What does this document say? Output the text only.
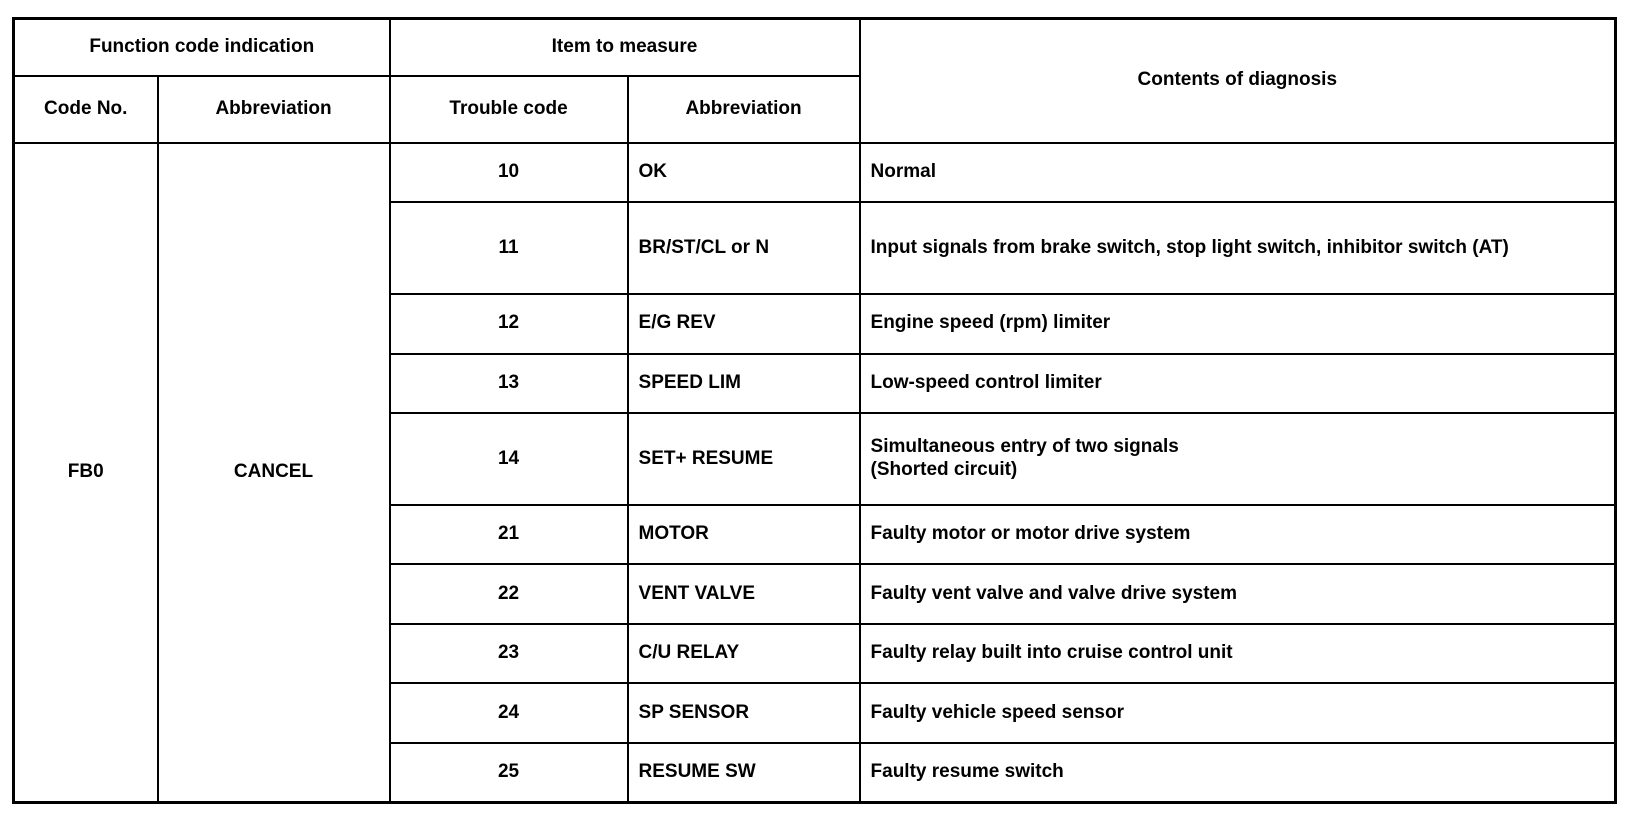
Function code indication		Item to measure		Contents of diagnosis
Code No.	Abbreviation	Trouble code	Abbreviation	
FB0	CANCEL	10	OK	Normal
		11	BR/ST/CL or N	Input signals from brake switch, stop light switch, inhibitor switch (AT)
		12	E/G REV	Engine speed (rpm) limiter
		13	SPEED LIM	Low-speed control limiter
		14	SET+ RESUME	Simultaneous entry of two signals
(Shorted circuit)
		21	MOTOR	Faulty motor or motor drive system
		22	VENT VALVE	Faulty vent valve and valve drive system
		23	C/U RELAY	Faulty relay built into cruise control unit
		24	SP SENSOR	Faulty vehicle speed sensor
		25	RESUME SW	Faulty resume switch
